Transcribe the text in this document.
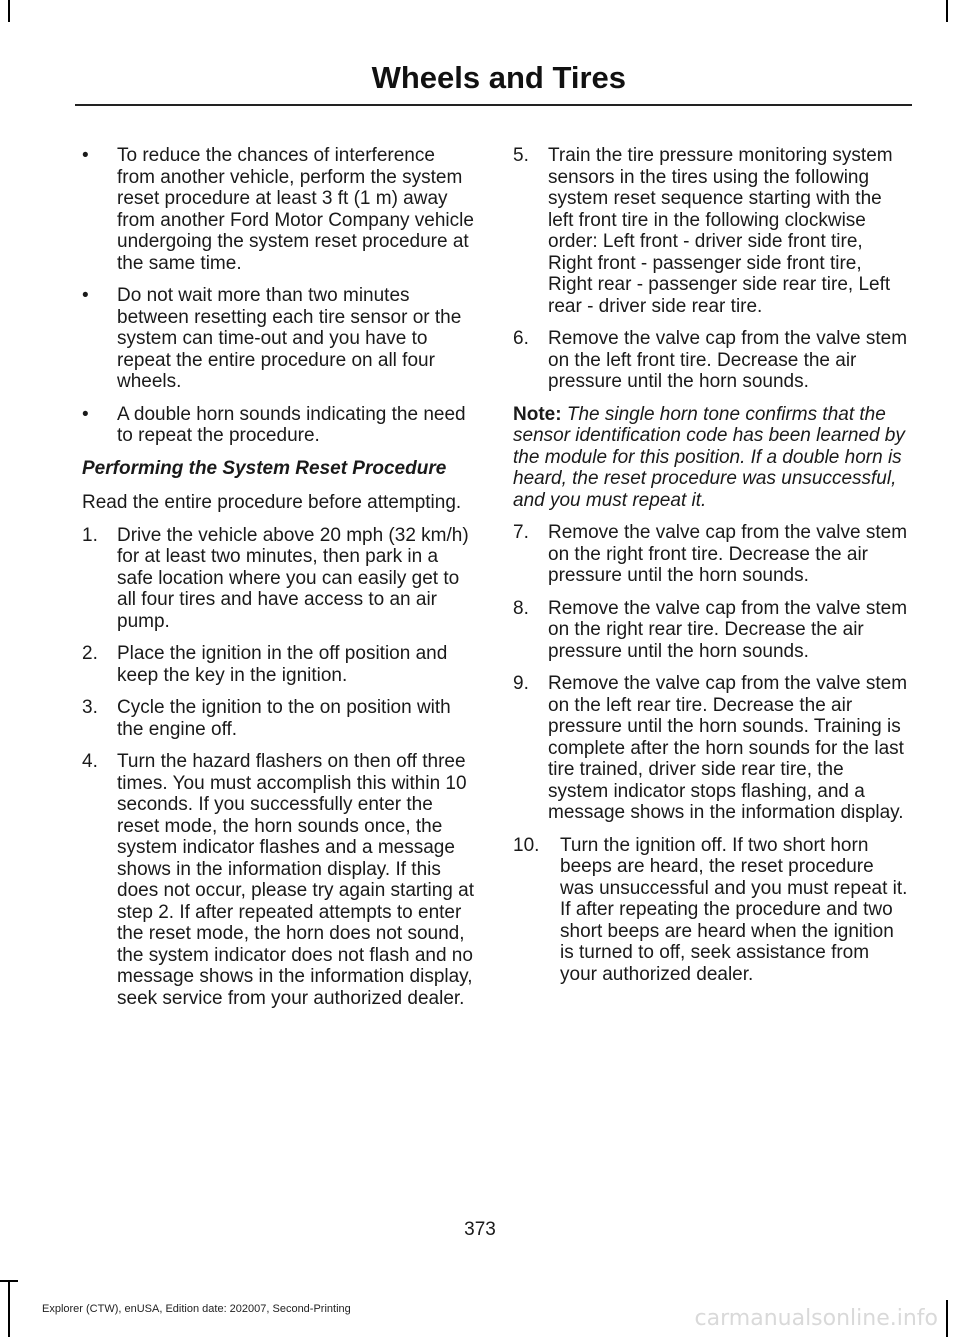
Wheels and Tires
•	To reduce the chances of interference from another vehicle, perform the system reset procedure at least 3 ft (1 m) away from another Ford Motor Company vehicle undergoing the system reset procedure at the same time.
•	Do not wait more than two minutes between resetting each tire sensor or the system can time-out and you have to repeat the entire procedure on all four wheels.
•	A double horn sounds indicating the need to repeat the procedure.
Performing the System Reset Procedure
Read the entire procedure before attempting.
1.	Drive the vehicle above 20 mph (32 km/h) for at least two minutes, then park in a safe location where you can easily get to all four tires and have access to an air pump.
2.	Place the ignition in the off position and keep the key in the ignition.
3.	Cycle the ignition to the on position with the engine off.
4.	Turn the hazard flashers on then off three times. You must accomplish this within 10 seconds. If you successfully enter the reset mode, the horn sounds once, the system indicator flashes and a message shows in the information display. If this does not occur, please try again starting at step 2. If after repeated attempts to enter the reset mode, the horn does not sound, the system indicator does not flash and no message shows in the information display, seek service from your authorized dealer.
5.	Train the tire pressure monitoring system sensors in the tires using the following system reset sequence starting with the left front tire in the following clockwise order: Left front - driver side front tire, Right front - passenger side front tire, Right rear - passenger side rear tire, Left rear - driver side rear tire.
6.	Remove the valve cap from the valve stem on the left front tire. Decrease the air pressure until the horn sounds.
Note: The single horn tone confirms that the sensor identification code has been learned by the module for this position. If a double horn is heard, the reset procedure was unsuccessful, and you must repeat it.
7.	Remove the valve cap from the valve stem on the right front tire. Decrease the air pressure until the horn sounds.
8.	Remove the valve cap from the valve stem on the right rear tire. Decrease the air pressure until the horn sounds.
9.	Remove the valve cap from the valve stem on the left rear tire. Decrease the air pressure until the horn sounds. Training is complete after the horn sounds for the last tire trained, driver side rear tire, the system indicator stops flashing, and a message shows in the information display.
10.	Turn the ignition off. If two short horn beeps are heard, the reset procedure was unsuccessful and you must repeat it. If after repeating the procedure and two short beeps are heard when the ignition is turned to off, seek assistance from your authorized dealer.
373
Explorer (CTW), enUSA, Edition date: 202007, Second-Printing	carmanualsonline.info
